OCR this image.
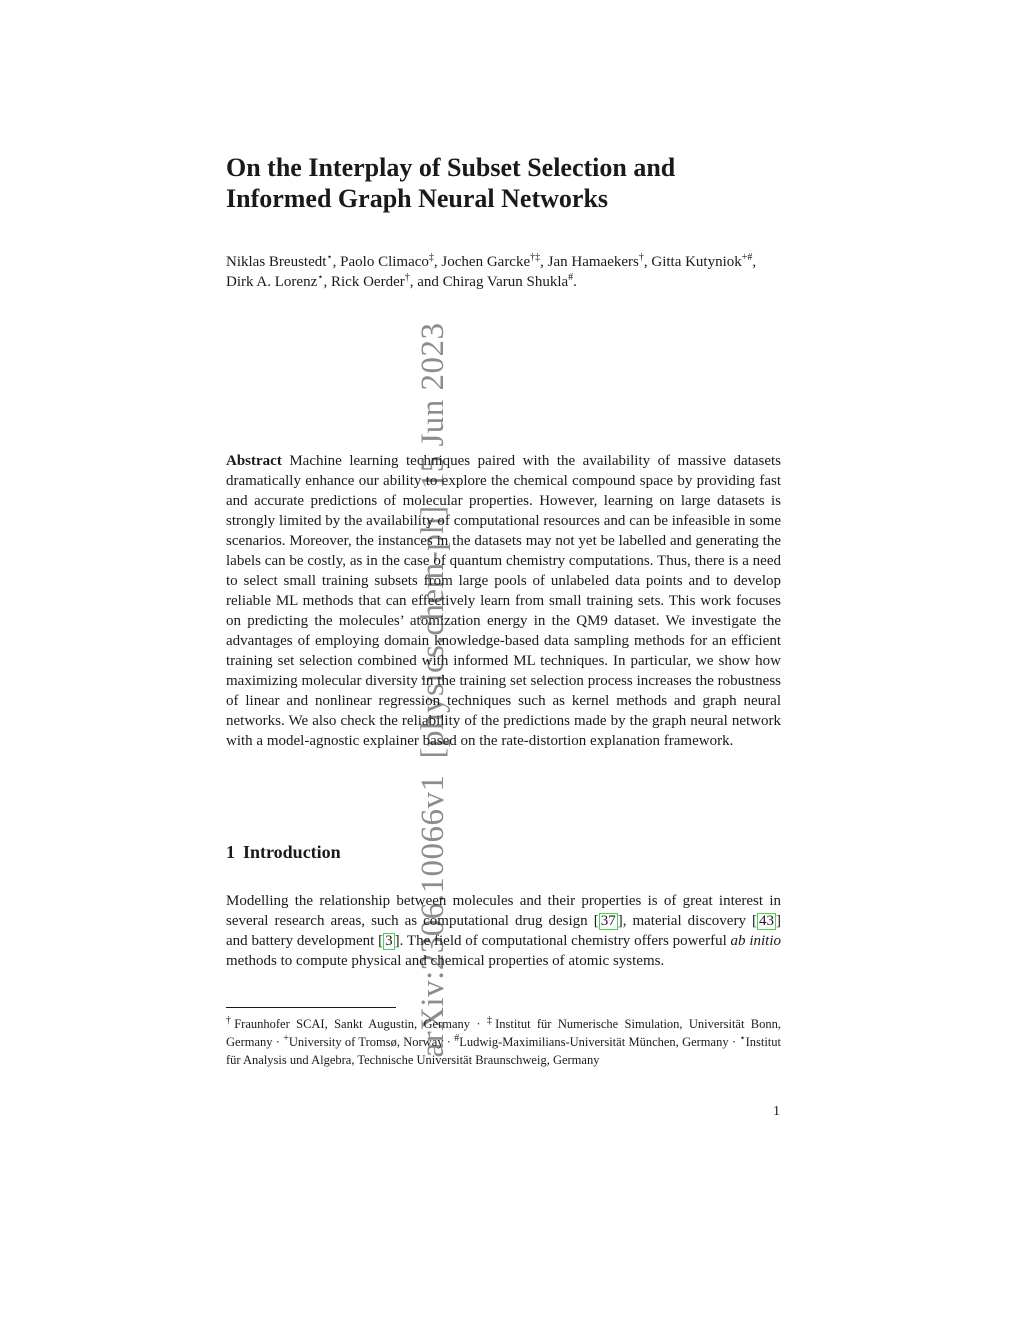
arXiv:2306.10066v1[physics.chem-ph]15 Jun 2023
On the Interplay of Subset Selection and
Informed Graph Neural Networks
Niklas Breustedt⋆, Paolo Climaco‡, Jochen Garcke†‡, Jan Hamaekers†, Gitta Kutyniok+#, Dirk A. Lorenz⋆, Rick Oerder†, and Chirag Varun Shukla#.

Abstract Machine learning techniques paired with the availability of massive datasets dramatically enhance our ability to explore the chemical compound space by providing fast and accurate predictions of molecular properties. However, learning on large datasets is strongly limited by the availability of computational resources and can be infeasible in some scenarios. Moreover, the instances in the datasets may not yet be labelled and generating the labels can be costly, as in the case of quantum chemistry computations. Thus, there is a need to select small training subsets from large pools of unlabeled data points and to develop reliable ML methods that can effectively learn from small training sets. This work focuses on predicting the molecules’ atomization energy in the QM9 dataset. We investigate the advantages of employing domain knowledge-based data sampling methods for an efficient training set selection combined with informed ML techniques. In particular, we show how maximizing molecular diversity in the training set selection process increases the robustness of linear and nonlinear regression techniques such as kernel methods and graph neural networks. We also check the reliability of the predictions made by the graph neural network with a model-agnostic explainer based on the rate-distortion explanation framework.

1 Introduction

Modelling the relationship between molecules and their properties is of great interest in several research areas, such as computational drug design [ 37 ], material discovery [ 43 ] and battery development [ 3 ]. The field of computational chemistry offers powerful ab initio methods to compute physical and chemical properties of atomic systems.

†Fraunhofer SCAI, Sankt Augustin, Germany · ‡Institut für Numerische Simulation, Universität Bonn, Germany · +University of Tromsø, Norway · #Ludwig-Maximilians-Universität München, Germany · ⋆Institut für Analysis und Algebra, Technische Universität Braunschweig, Germany

1
